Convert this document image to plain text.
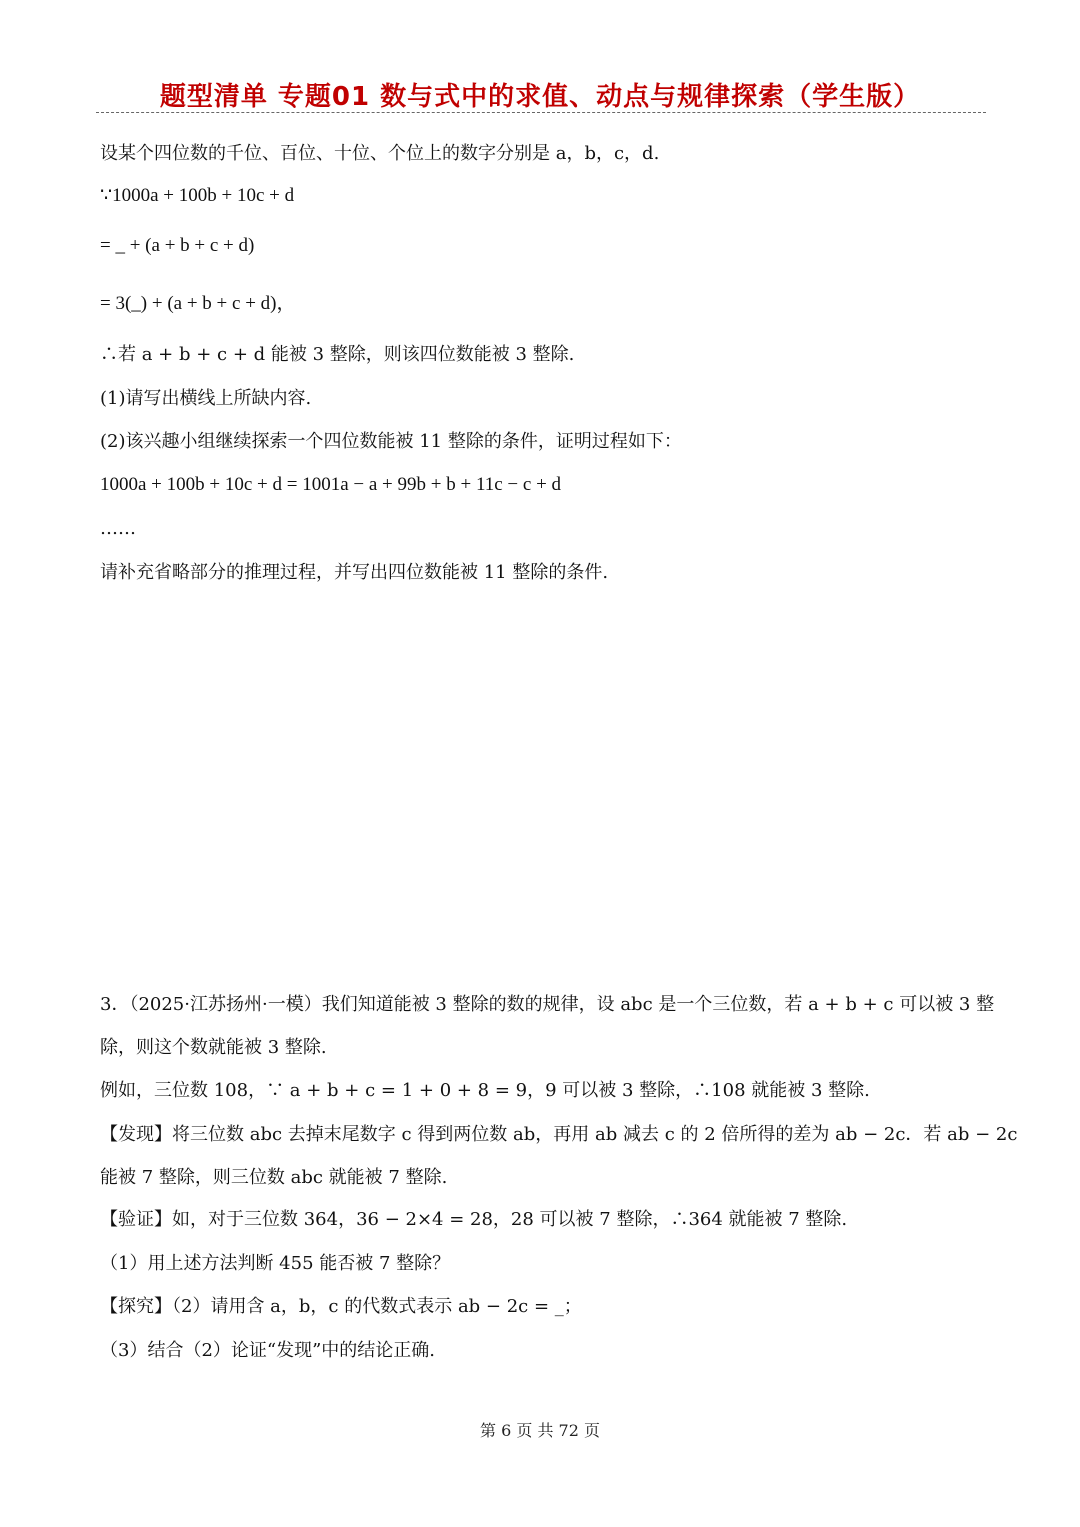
题型清单 专题01 数与式中的求值、动点与规律探索（学生版）
设某个四位数的千位、百位、十位、个位上的数字分别是 a，b，c，d.
∵1000a + 100b + 10c + d
= _ + (a + b + c + d)
= 3(_) + (a + b + c + d)，
∴若 a + b + c + d 能被 3 整除，则该四位数能被 3 整除.
(1)请写出横线上所缺内容.
(2)该兴趣小组继续探索一个四位数能被 11 整除的条件，证明过程如下：
1000a + 100b + 10c + d = 1001a − a + 99b + b + 11c − c + d
……
请补充省略部分的推理过程，并写出四位数能被 11 整除的条件.
3．（2025·江苏扬州·一模）我们知道能被 3 整除的数的规律，设 abc 是一个三位数，若 a + b + c 可以被 3 整
除，则这个数就能被 3 整除.
例如，三位数 108，∵ a + b + c = 1 + 0 + 8 = 9，9 可以被 3 整除，∴108 就能被 3 整除.
【发现】将三位数 abc 去掉末尾数字 c 得到两位数 ab，再用 ab 减去 c 的 2 倍所得的差为 ab − 2c．若 ab − 2c
能被 7 整除，则三位数 abc 就能被 7 整除.
【验证】如，对于三位数 364，36 − 2×4 = 28，28 可以被 7 整除，∴364 就能被 7 整除.
（1）用上述方法判断 455 能否被 7 整除？
【探究】（2）请用含 a，b，c 的代数式表示 ab − 2c = _；
（3）结合（2）论证“发现”中的结论正确.
第 6 页 共 72 页
